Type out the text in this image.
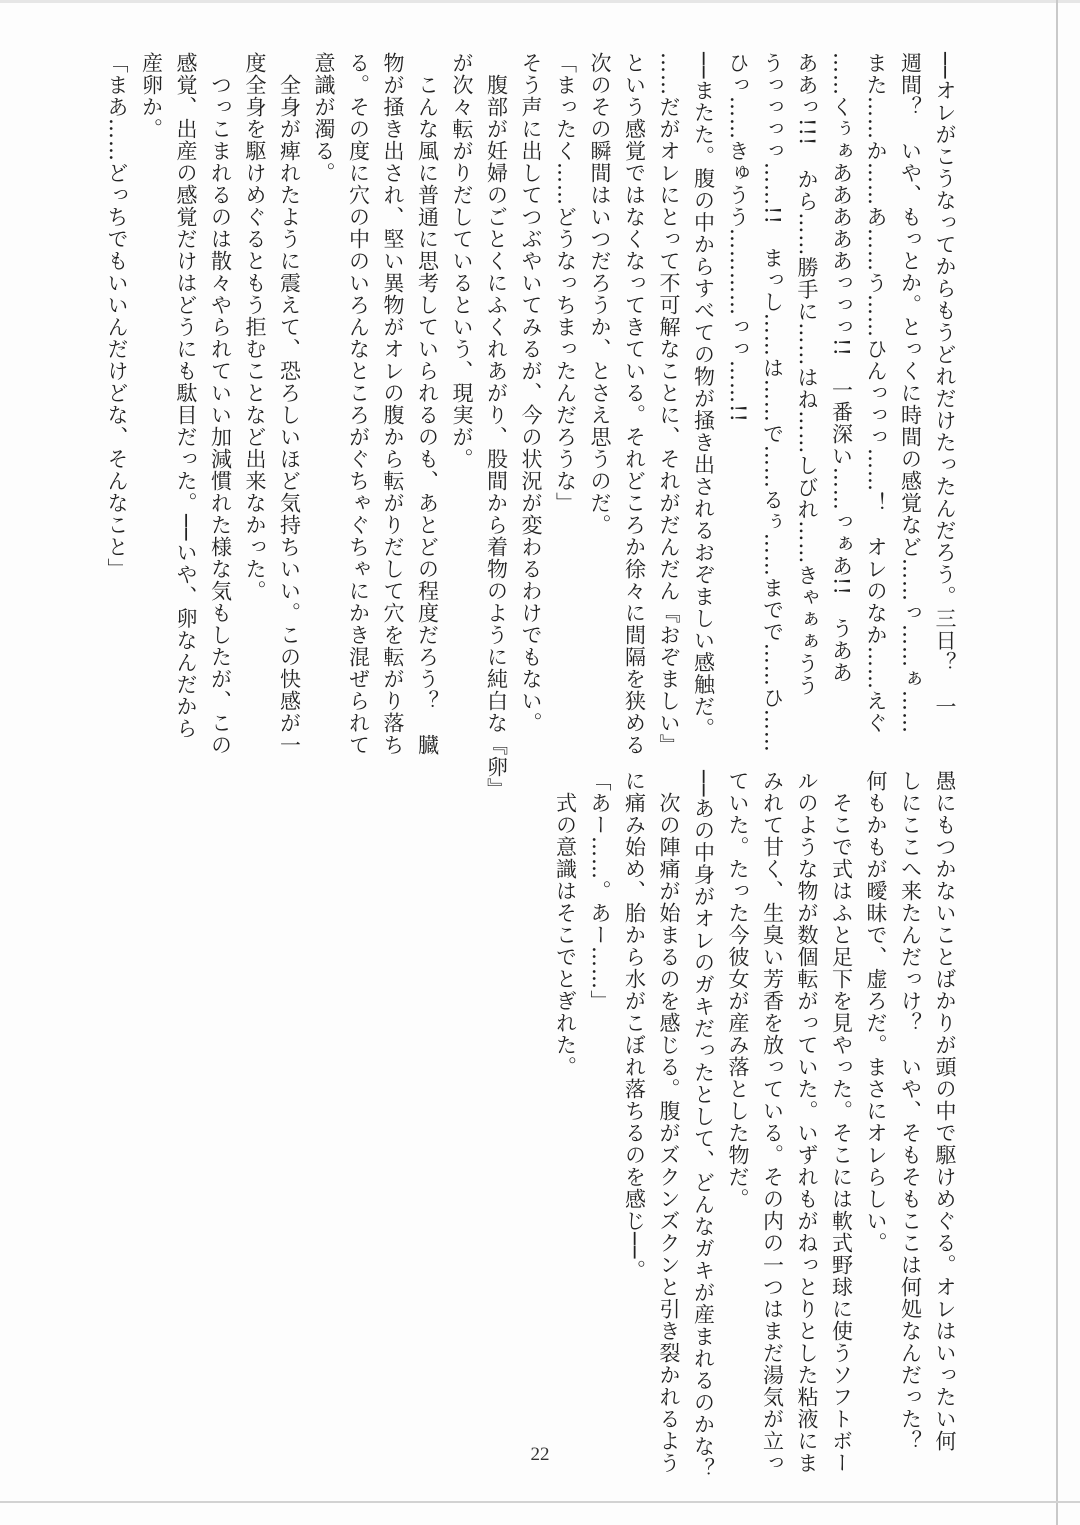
──オレがこうなってからもうどれだけたったんだろう。三日？　一

週間？　いや、もっとか。とっくに時間の感覚など……っ……ぁ……

また……か……あ……う……ひんっっっ……！　オレのなか……えぐ

……くぅぁあああああっっっ!!　一番深い……っぁあ!!　うああ

ああっ!!!　から……勝手に……はね……しびれ……きゃぁぁうう

うっっっっ……!!　まっし……は……で……るぅ……までで……ひ……

ひっ……きゅうう…………っっ……!!

──またた。腹の中からすべての物が掻き出されるおぞましい感触だ。

……だがオレにとって不可解なことに、それがだんだん『おぞましい』

という感覚ではなくなってきている。それどころか徐々に間隔を狭める

次のその瞬間はいつだろうか、とさえ思うのだ。

「まったく……どうなっちまったんだろうな」

そう声に出してつぶやいてみるが、今の状況が変わるわけでもない。

　腹部が妊婦のごとくにふくれあがり、股間から着物のように純白な『卵』

が次々転がりだしているという、現実が。

　こんな風に普通に思考していられるのも、あとどの程度だろう？　臓

物が掻き出され、堅い異物がオレの腹から転がりだして穴を転がり落ち

る。その度に穴の中のいろんなところがぐちゃぐちゃにかき混ぜられて

意識が濁る。

　全身が痺れたように震えて、恐ろしいほど気持ちいい。この快感が一

度全身を駆けめぐるともう拒むことなど出来なかった。

　つっこまれるのは散々やられていい加減慣れた様な気もしたが、この

感覚、出産の感覚だけはどうにも駄目だった。──いや、卵なんだから

産卵か。

「まあ……どっちでもいいんだけどな、そんなこと」

愚にもつかないことばかりが頭の中で駆けめぐる。オレはいったい何

しにここへ来たんだっけ？　いや、そもそもここは何処なんだった？

何もかもが曖昧で、虚ろだ。まさにオレらしい。

　そこで式はふと足下を見やった。そこには軟式野球に使うソフトボー

ルのような物が数個転がっていた。いずれもがねっとりとした粘液にま

みれて甘く、生臭い芳香を放っている。その内の一つはまだ湯気が立っ

ていた。たった今彼女が産み落とした物だ。

──あの中身がオレのガキだったとして、どんなガキが産まれるのかな？

　次の陣痛が始まるのを感じる。腹がズクンズクンと引き裂かれるよう

に痛み始め、胎から水がこぼれ落ちるのを感じ──。

「あー……。あー……」

　式の意識はそこでとぎれた。

22
